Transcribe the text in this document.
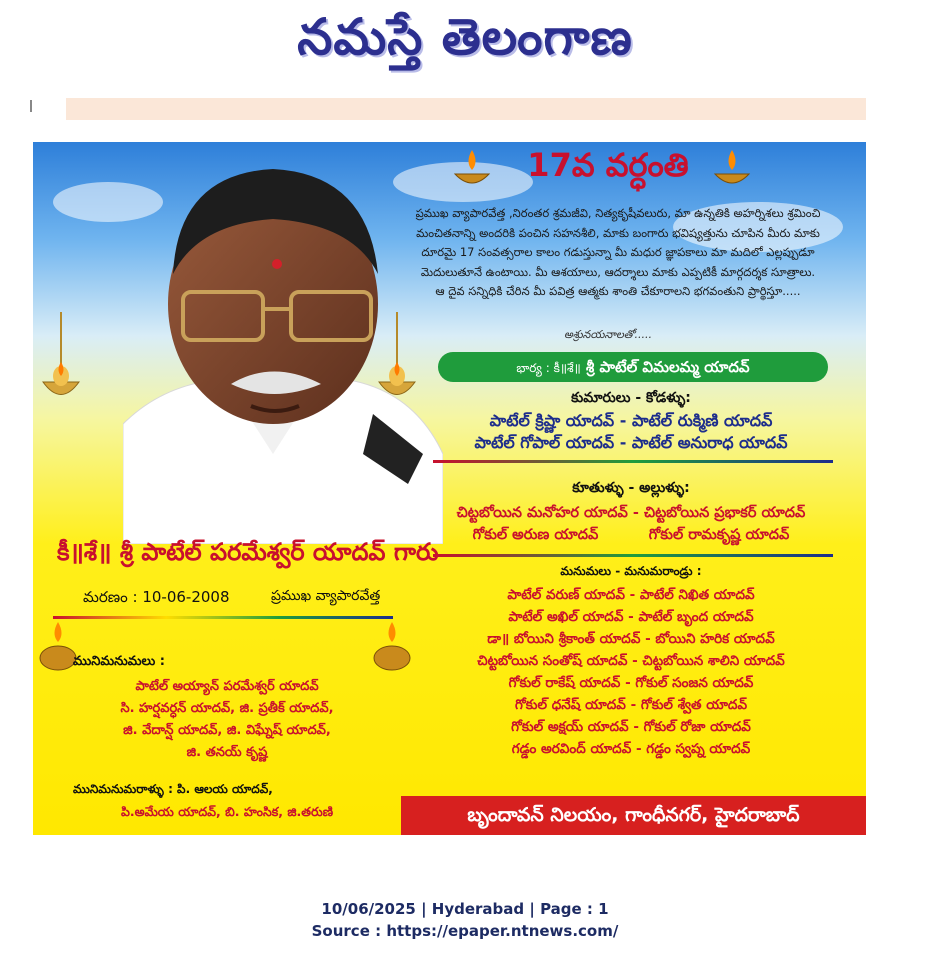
నమస్తే తెలంగాణ
17వ వర్ధంతి

ప్రముఖ వ్యాపారవేత్త ,నిరంతర శ్రమజీవి, నిత్యకృషీవలురు, మా ఉన్నతికి అహర్నిశలు శ్రమించి
మంచితనాన్ని అందరికి పంచిన సహనశీలి, మాకు బంగారు భవిష్యత్తును చూపిన మీరు మాకు
దూరమై 17 సంవత్సరాల కాలం గడుస్తున్నా మీ మధుర జ్ఞాపకాలు మా మదిలో ఎల్లప్పుడూ
మెదులుతూనే ఉంటాయి. మీ ఆశయాలు, ఆదర్శాలు మాకు ఎప్పటికీ మార్గదర్శక సూత్రాలు.
ఆ దైవ సన్నిధికి చేరిన మీ పవిత్ర ఆత్మకు శాంతి చేకూరాలని భగవంతుని ప్రార్థిస్తూ.....

అశ్రునయనాలతో.....
భార్య : కీ॥శే॥ శ్రీ పాటేల్ విమలమ్మ యాదవ్
కుమారులు - కోడళ్ళు:
పాటేల్ క్రిష్ణా యాదవ్ - పాటేల్ రుక్మిణి యాదవ్
పాటేల్ గోపాల్ యాదవ్ - పాటేల్ అనురాధ యాదవ్
కూతుళ్ళు - అల్లుళ్ళు:
చిట్టబోయిన మనోహర యాదవ్ - చిట్టబోయిన ప్రభాకర్ యాదవ్
గోకుల్ అరుణ యాదవ్          గోకుల్ రామకృష్ణ యాదవ్
మనుమలు - మనుమరాండ్రు :
పాటేల్ వరుణ్ యాదవ్ - పాటేల్ నిఖిత యాదవ్
పాటేల్ అఖిల్ యాదవ్ - పాటేల్ బృంద యాదవ్
డా॥ బోయిని శ్రీకాంత్ యాదవ్ - బోయిని హరిక యాదవ్
చిట్టబోయిన సంతోష్ యాదవ్ - చిట్టబోయిన శాలిని యాదవ్
గోకుల్ రాకేష్ యాదవ్ - గోకుల్ సంజన యాదవ్
గోకుల్ ధనేష్ యాదవ్ - గోకుల్ శ్వేత యాదవ్
గోకుల్ అక్షయ్ యాదవ్ - గోకుల్ రోజా యాదవ్
గడ్డం అరవింద్ యాదవ్ - గడ్డం స్వప్న యాదవ్
కీ॥శే॥ శ్రీ పాటేల్ పరమేశ్వర్ యాదవ్ గారు
మరణం : 10-06-2008	ప్రముఖ వ్యాపారవేత్త
మునిమనుమలు :
పాటేల్ అయ్యాన్ పరమేశ్వర్ యాదవ్
సి. హర్షవర్ధన్ యాదవ్, జి. ప్రతీక్ యాదవ్,
జి. వేదాన్ష్ యాదవ్, జి. విఘ్నేష్ యాదవ్,
జి. తనయ్ కృష్ణ
మునిమనుమరాళ్ళు : పి. ఆలయ యాదవ్,
పి.అమేయ యాదవ్, బి. హంసిక, జి.తరుణి	బృందావన్ నిలయం, గాంధీనగర్, హైదరాబాద్
10/06/2025 | Hyderabad | Page : 1
Source : https://epaper.ntnews.com/
